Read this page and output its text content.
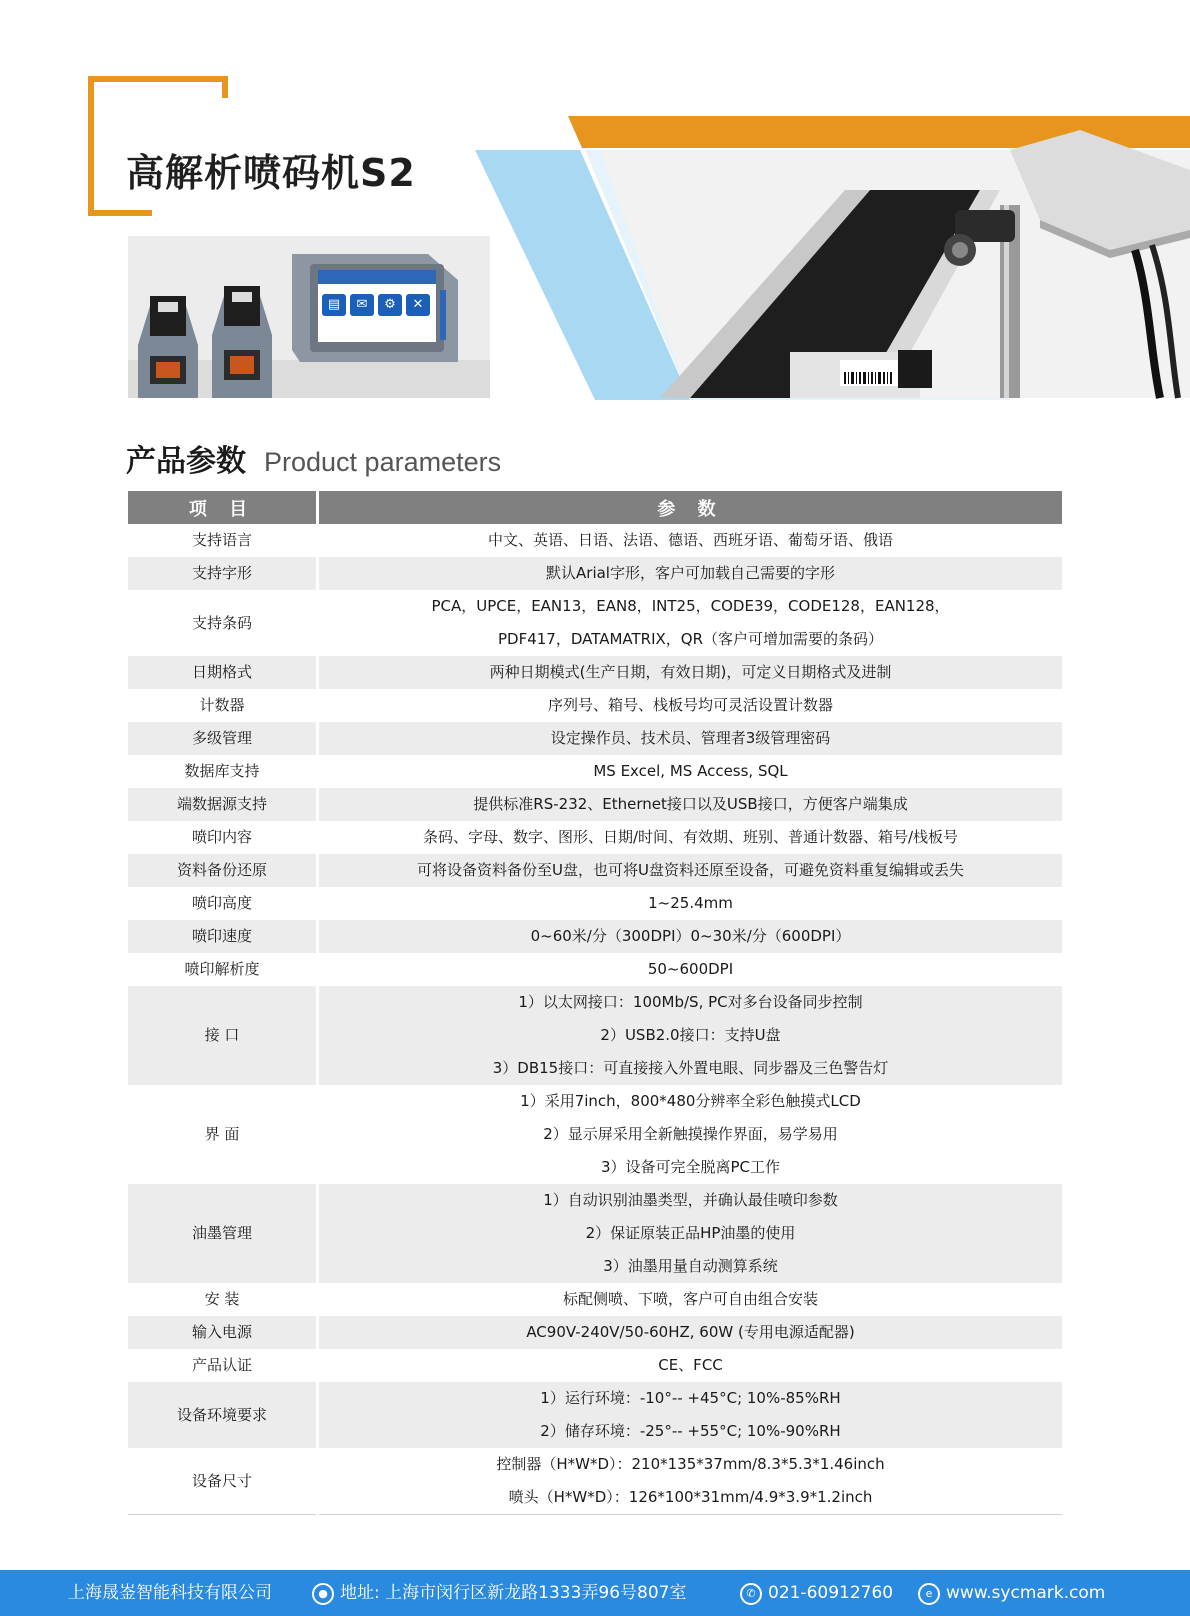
高解析喷码机S2
▤	✉	⚙	✕
产品参数 Product parameters
项 目	参 数
支持语言	中文、英语、日语、法语、德语、西班牙语、葡萄牙语、俄语

支持字形	默认Arial字形，客户可加载自己需要的字形

支持条码	PCA，UPCE，EAN13，EAN8，INT25，CODE39，CODE128，EAN128，
PDF417，DATAMATRIX，QR（客户可增加需要的条码）

日期格式	两种日期模式(生产日期，有效日期)，可定义日期格式及进制

计数器	序列号、箱号、栈板号均可灵活设置计数器

多级管理	设定操作员、技术员、管理者3级管理密码

数据库支持	MS Excel, MS Access, SQL

端数据源支持	提供标准RS-232、Ethernet接口以及USB接口，方便客户端集成

喷印内容	条码、字母、数字、图形、日期/时间、有效期、班别、普通计数器、箱号/栈板号

资料备份还原	可将设备资料备份至U盘，也可将U盘资料还原至设备，可避免资料重复编辑或丢失

喷印高度	1~25.4mm

喷印速度	0~60米/分（300DPI）0~30米/分（600DPI）

喷印解析度	50~600DPI

接 口	1）以太网接口：100Mb/S, PC对多台设备同步控制
2）USB2.0接口：支持U盘
3）DB15接口：可直接接入外置电眼、同步器及三色警告灯

界 面	1）采用7inch，800*480分辨率全彩色触摸式LCD
2）显示屏采用全新触摸操作界面，易学易用
3）设备可完全脱离PC工作

油墨管理	1）自动识别油墨类型，并确认最佳喷印参数
2）保证原装正品HP油墨的使用
3）油墨用量自动测算系统

安 装	标配侧喷、下喷，客户可自由组合安装

输入电源	AC90V-240V/50-60HZ, 60W (专用电源适配器)

产品认证	CE、FCC

设备环境要求	1）运行环境：-10°-- +45°C; 10%-85%RH
2）储存环境：-25°-- +55°C; 10%-90%RH

设备尺寸	控制器（H*W*D）：210*135*37mm/8.3*5.3*1.46inch
喷头（H*W*D）：126*100*31mm/4.9*3.9*1.2inch
上海晟崟智能科技有限公司	● 地址: 上海市闵行区新龙路1333弄96号807室	✆ 021-60912760	e www.sycmark.com
